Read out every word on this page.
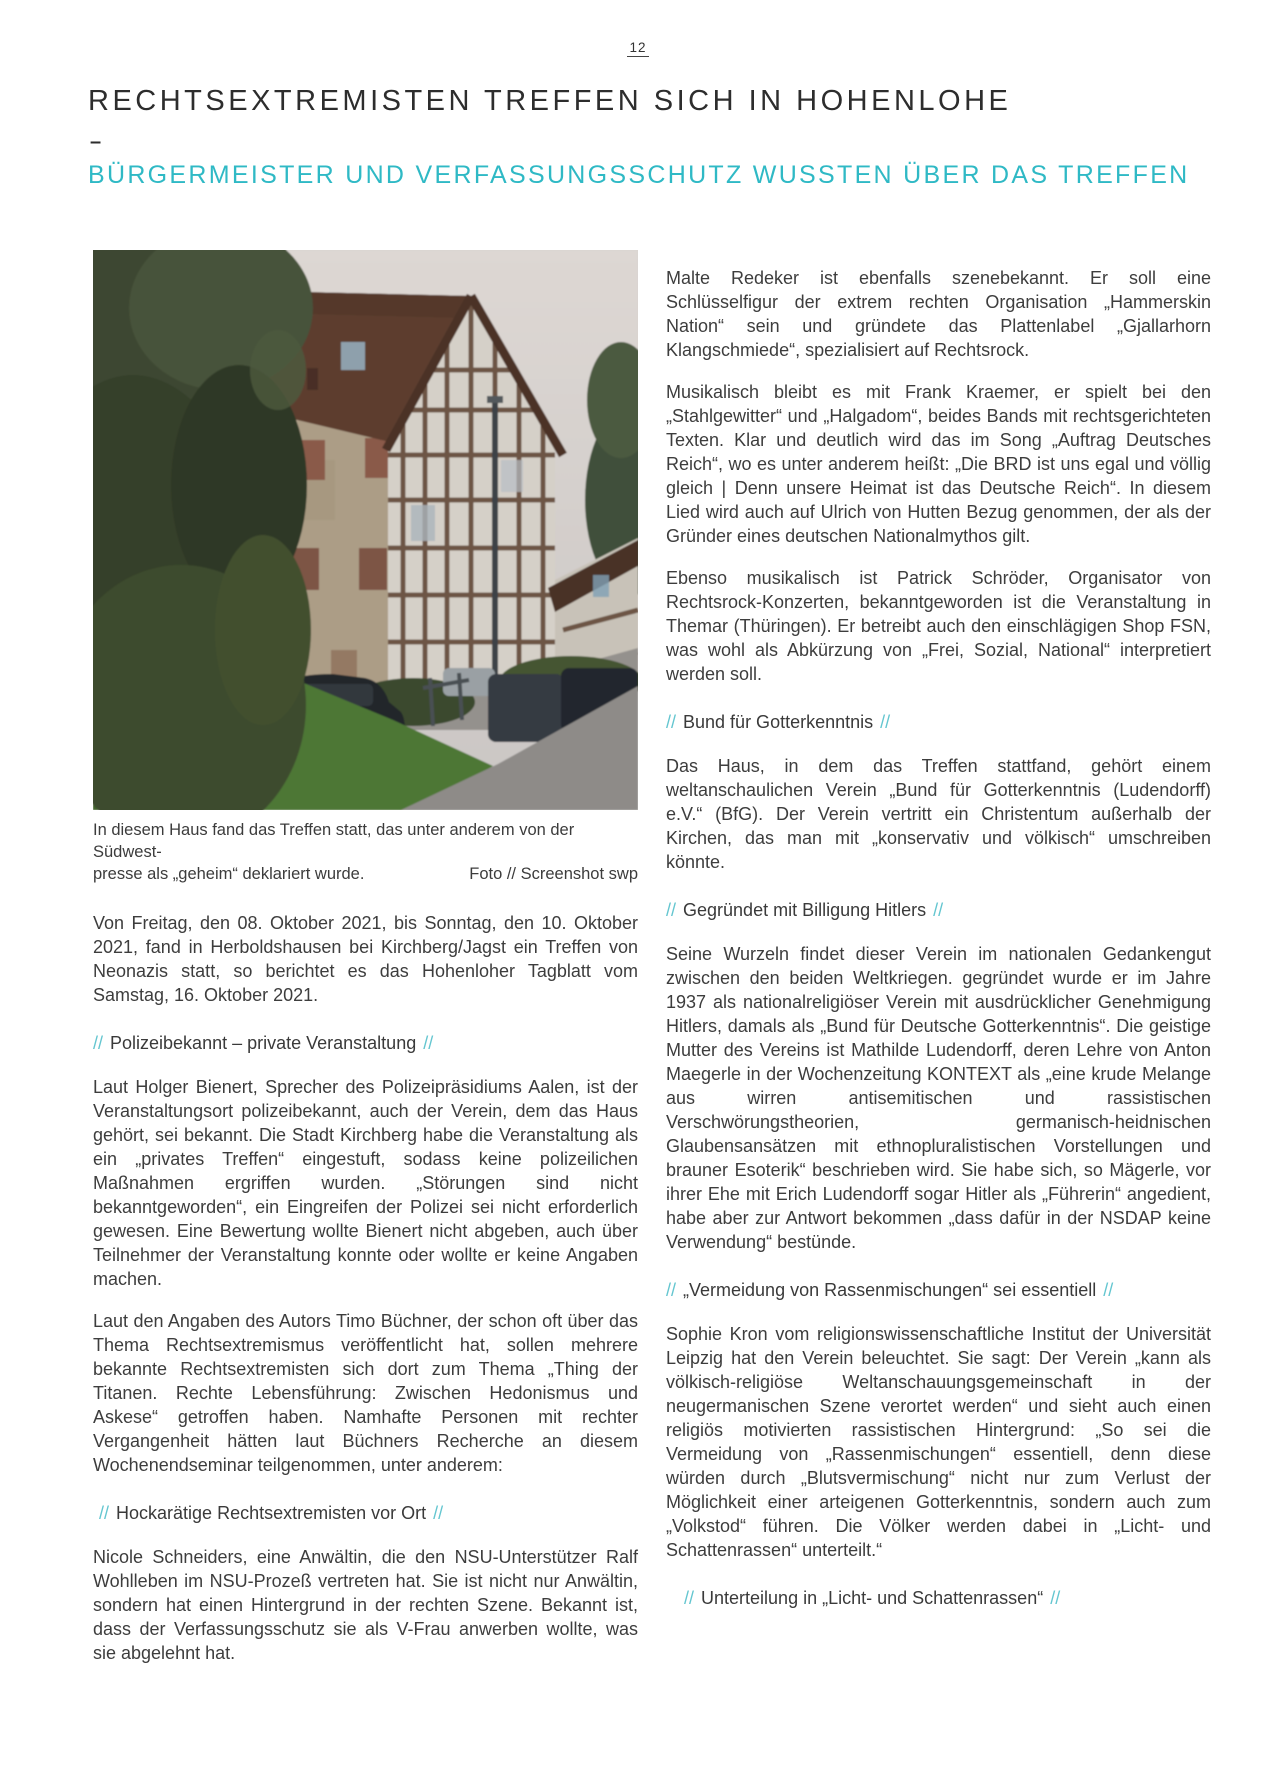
12
RECHTSEXTREMISTEN TREFFEN SICH IN HOHENLOHE
–
BÜRGERMEISTER UND VERFASSUNGSSCHUTZ WUSSTEN ÜBER DAS TREFFEN
In diesem Haus fand das Treffen statt, das unter anderem von der Südwest-
presse als „geheim“ deklariert wurde.	Foto // Screenshot swp

Von Freitag, den 08. Oktober 2021, bis Sonntag, den 10. Oktober 2021, fand in Herboldshausen bei Kirchberg/Jagst ein Treffen von Neonazis statt, so berichtet es das Hohenloher Tagblatt vom Samstag, 16. Oktober 2021.

// Polizeibekannt – private Veranstaltung //

Laut Holger Bienert, Sprecher des Polizeipräsidiums Aalen, ist der Veranstaltungsort polizeibekannt, auch der Verein, dem das Haus gehört, sei bekannt. Die Stadt Kirchberg habe die Veranstaltung als ein „privates Treffen“ eingestuft, sodass keine polizeilichen Maßnahmen ergriffen wurden. „Störungen sind nicht bekanntgeworden“, ein Eingreifen der Polizei sei nicht erforderlich gewesen. Eine Bewertung wollte Bienert nicht abgeben, auch über Teilnehmer der Veranstaltung konnte oder wollte er keine Angaben machen.

Laut den Angaben des Autors Timo Büchner, der schon oft über das Thema Rechtsextremismus veröffentlicht hat, sollen mehrere bekannte Rechtsextremisten sich dort zum Thema „Thing der Titanen. Rechte Lebensführung: Zwischen Hedonismus und Askese“ getroffen haben. Namhafte Personen mit rechter Vergangenheit hätten laut Büchners Recherche an diesem Wochenendseminar teilgenommen, unter anderem:

// Hockarätige Rechtsextremisten vor Ort //

Nicole Schneiders, eine Anwältin, die den NSU-Unterstützer Ralf Wohlleben im NSU-Prozeß vertreten hat. Sie ist nicht nur Anwältin, sondern hat einen Hintergrund in der rechten Szene. Bekannt ist, dass der Verfassungsschutz sie als V-Frau anwerben wollte, was sie abgelehnt hat.

Malte Redeker ist ebenfalls szenebekannt. Er soll eine Schlüsselfigur der extrem rechten Organisation „Hammerskin Nation“ sein und gründete das Plattenlabel „Gjallarhorn Klangschmiede“, spezialisiert auf Rechtsrock.

Musikalisch bleibt es mit Frank Kraemer, er spielt bei den „Stahlgewitter“ und „Halgadom“, beides Bands mit rechtsgerichteten Texten. Klar und deutlich wird das im Song „Auftrag Deutsches Reich“, wo es unter anderem heißt: „Die BRD ist uns egal und völlig gleich | Denn unsere Heimat ist das Deutsche Reich“. In diesem Lied wird auch auf Ulrich von Hutten Bezug genommen, der als der Gründer eines deutschen Nationalmythos gilt.

Ebenso musikalisch ist Patrick Schröder, Organisator von Rechtsrock-Konzerten, bekanntgeworden ist die Veranstaltung in Themar (Thüringen). Er betreibt auch den einschlägigen Shop FSN, was wohl als Abkürzung von „Frei, Sozial, National“ interpretiert werden soll.

// Bund für Gotterkenntnis //

Das Haus, in dem das Treffen stattfand, gehört einem weltanschaulichen Verein „Bund für Gotterkenntnis (Ludendorff) e.V.“ (BfG). Der Verein vertritt ein Christentum außerhalb der Kirchen, das man mit „konservativ und völkisch“ umschreiben könnte.

// Gegründet mit Billigung Hitlers //

Seine Wurzeln findet dieser Verein im nationalen Gedankengut zwischen den beiden Weltkriegen. gegründet wurde er im Jahre 1937 als nationalreligiöser Verein mit ausdrücklicher Genehmigung Hitlers, damals als „Bund für Deutsche Gotterkenntnis“. Die geistige Mutter des Vereins ist Mathilde Ludendorff, deren Lehre von Anton Maegerle in der Wochenzeitung KONTEXT als „eine krude Melange aus wirren antisemitischen und rassistischen Verschwörungstheorien, germanisch-heidnischen Glaubensansätzen mit ethnopluralistischen Vorstellungen und brauner Esoterik“ beschrieben wird. Sie habe sich, so Mägerle, vor ihrer Ehe mit Erich Ludendorff sogar Hitler als „Führerin“ angedient, habe aber zur Antwort bekommen „dass dafür in der NSDAP keine Verwendung“ bestünde.

// „Vermeidung von Rassenmischungen“ sei essentiell //

Sophie Kron vom religionswissenschaftliche Institut der Universität Leipzig hat den Verein beleuchtet. Sie sagt: Der Verein „kann als völkisch-religiöse Weltanschauungsgemeinschaft in der neugermanischen Szene verortet werden“ und sieht auch einen religiös motivierten rassistischen Hintergrund: „So sei die Vermeidung von „Rassenmischungen“ essentiell, denn diese würden durch „Blutsvermischung“ nicht nur zum Verlust der Möglichkeit einer arteigenen Gotterkenntnis, sondern auch zum „Volkstod“ führen. Die Völker werden dabei in „Licht- und Schattenrassen“ unterteilt.“

// Unterteilung in „Licht- und Schattenrassen“ //
